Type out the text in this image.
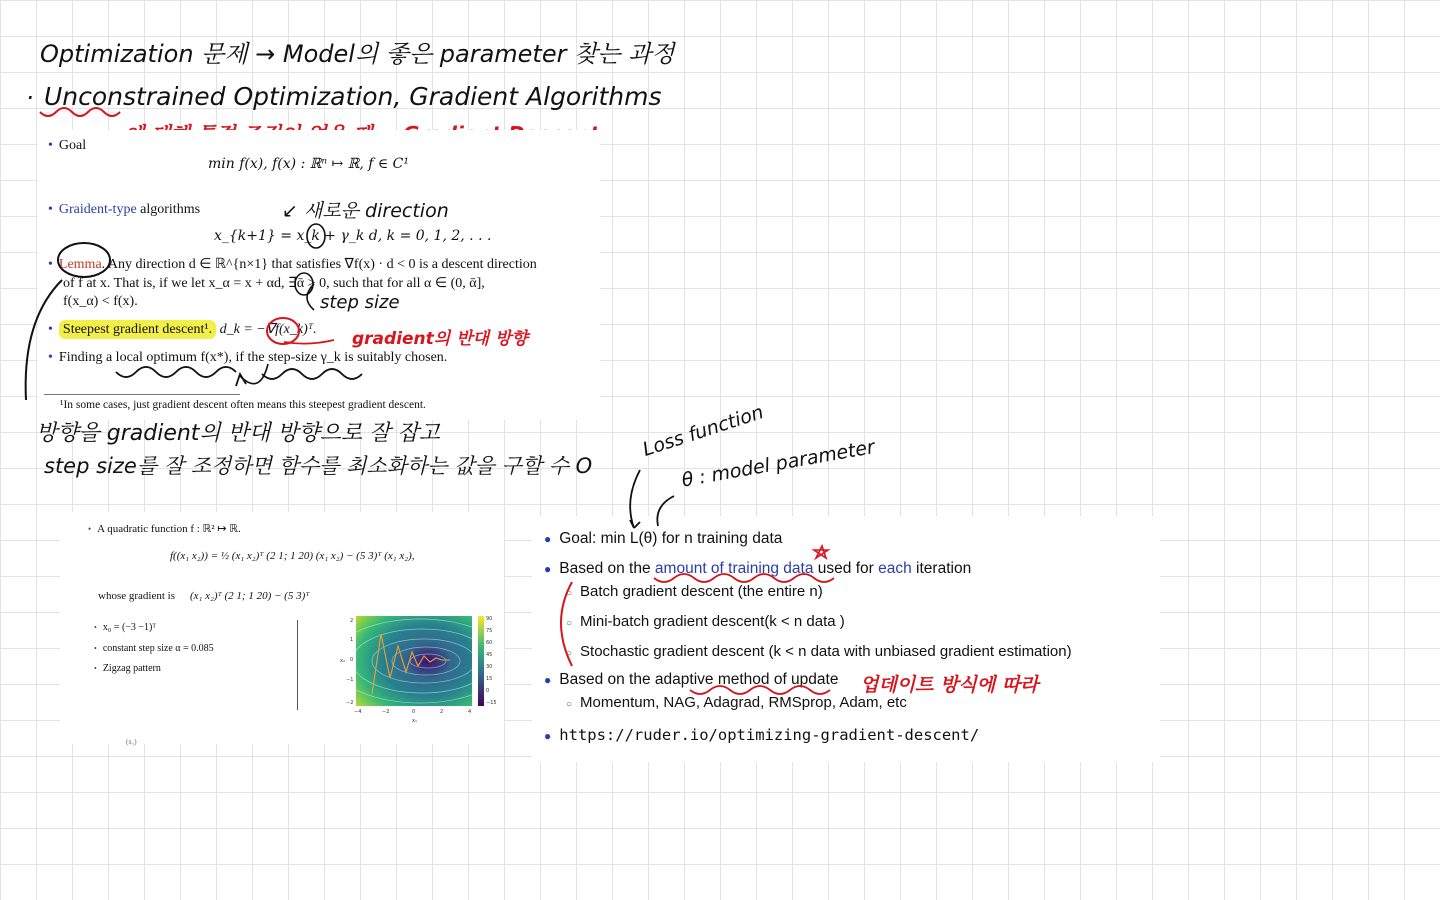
Optimization 문제 → Model의 좋은 parameter 찾는 과정
· Unconstrained Optimization, Gradient Algorithms
• Goal
min f(x), f(x) : ℝⁿ ↦ ℝ, f ∈ C¹
• Graident-type algorithms
x_{k+1} = x_k + γ_k d, k = 0, 1, 2, . . .
• Lemma. Any direction d ∈ ℝ^{n×1} that satisfies ∇f(x) · d < 0 is a descent direction
of f at x. That is, if we let x_α = x + αd, ∃ᾱ > 0, such that for all α ∈ (0, ᾱ],
f(x_α) < f(x).
• Steepest gradient descent¹. d_k = −∇f(x_k)ᵀ.
• Finding a local optimum f(x*), if the step-size γ_k is suitably chosen.
¹In some cases, just gradient descent often means this steepest gradient descent.
↙ 새로운 direction
step size
gradient의 반대 방향
방향을 gradient의 반대 방향으로 잘 잡고
step size를 잘 조정하면 함수를 최소화하는 값을 구할 수 O
• A quadratic function f : ℝ² ↦ ℝ.
f((x₁ x₂)) = ½ (x₁ x₂)ᵀ (2 1; 1 20) (x₁ x₂) − (5 3)ᵀ (x₁ x₂),
whose gradient is (x₁ x₂)ᵀ (2 1; 1 20) − (5 3)ᵀ
• x₀ = (−3 −1)ᵀ
• constant step size α = 0.085
• Zigzag pattern
90
75
60
45
30
15
0
−15
2
1
0
−1
−2
−4	−2	0	2	4
x₁
x₂
(x₁)
● Goal: min L(θ) for n training data
● Based on the amount of training data used for each iteration
○ Batch gradient descent (the entire n)
○ Mini-batch gradient descent(k < n data )
○ Stochastic gradient descent (k < n data with unbiased gradient estimation)
● Based on the adaptive method of update
○ Momentum, NAG, Adagrad, RMSprop, Adam, etc
● https://ruder.io/optimizing-gradient-descent/
Loss function
θ : model parameter
업데이트 방식에 따라
